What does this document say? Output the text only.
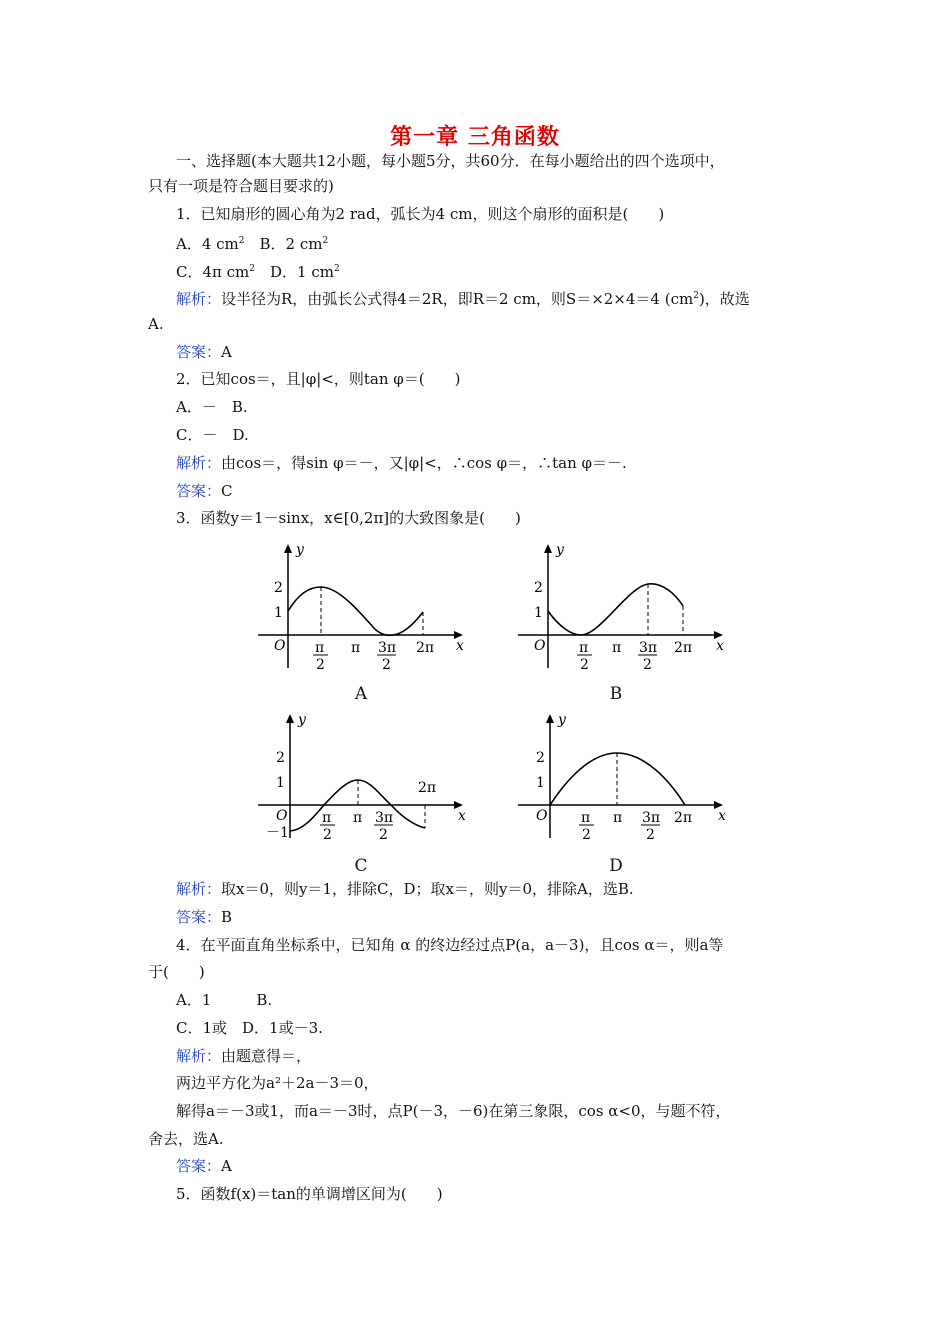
第一章 三角函数
一、选择题(本大题共12小题，每小题5分，共60分．在每小题给出的四个选项中，
只有一项是符合题目要求的)
1．已知扇形的圆心角为2 rad，弧长为4 cm，则这个扇形的面积是(　　)
A．4 $cm^2$　B．2 $cm^2$
C．4π $cm^2$　D．1 $cm^2$
解析：设半径为R，由弧长公式得4＝2R，即R＝2 cm，则S＝×2×4＝4 $(cm^2)$，故选
A.
答案：A
2．已知cos＝，且|φ|<，则tan φ＝(　　)
A．－　B.
C．－　D.
解析：由cos＝，得sin φ＝－，又|φ|<，∴cos φ＝，∴tan φ＝－.
答案：C
3．函数y＝1－sinx，x∈[0,2π]的大致图象是(　　)
y
x
O
2
1
π
2
π 3π
2
2π
A
y
x
O
2
1
π
2
π 3π
2
2π
B
y
x
O
2
1
－1
2π
π
2
π 3π
2
C
y
x
O
2
1
π
2
π 3π
2
2π
D
解析：取x＝0，则y＝1，排除C，D；取x＝，则y＝0，排除A，选B.
答案：B
4．在平面直角坐标系中，已知角 α 的终边经过点P(a，a－3)，且cos α＝，则a等
于(　　)
A．1　　　B.
C．1或　D．1或－3.
解析：由题意得＝，
两边平方化为a²＋2a－3＝0，
解得a＝－3或1，而a＝－3时，点P(－3，－6)在第三象限，cos α<0，与题不符，
舍去，选A.
答案：A
5．函数f(x)＝tan的单调增区间为(　　)
